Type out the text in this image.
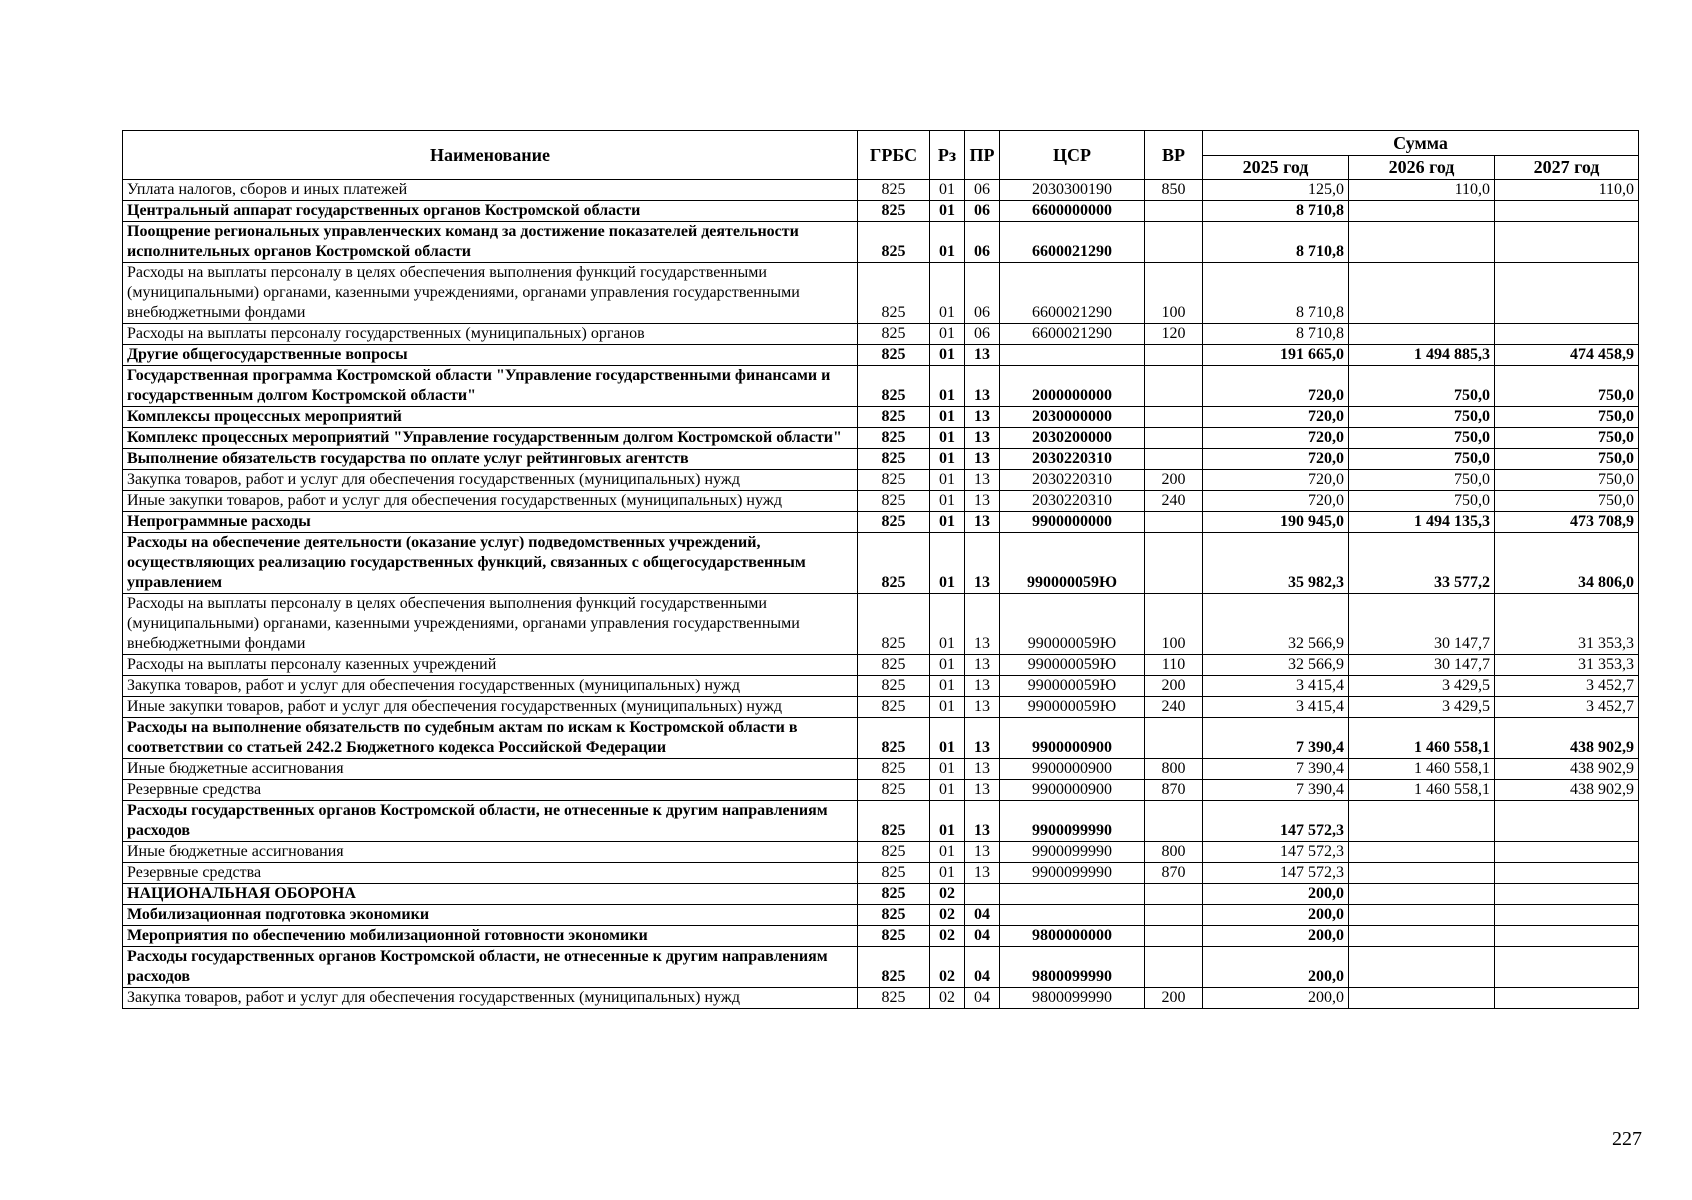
Наименование	ГРБС	Рз	ПР	ЦСР	ВР	Сумма		
						2025 год	2026 год	2027 год
Уплата налогов, сборов и иных платежей	825	01	06	2030300190	850	125,0	110,0	110,0
Центральный аппарат государственных органов Костромской области	825	01	06	6600000000		8 710,8		
Поощрение региональных управленческих команд за достижение показателей деятельности исполнительных органов Костромской области	825	01	06	6600021290		8 710,8		
Расходы на выплаты персоналу в целях обеспечения выполнения функций государственными (муниципальными) органами, казенными учреждениями, органами управления государственными внебюджетными фондами	825	01	06	6600021290	100	8 710,8		
Расходы на выплаты персоналу государственных (муниципальных) органов	825	01	06	6600021290	120	8 710,8		
Другие общегосударственные вопросы	825	01	13			191 665,0	1 494 885,3	474 458,9
Государственная программа Костромской области "Управление государственными финансами и государственным долгом Костромской области"	825	01	13	2000000000		720,0	750,0	750,0
Комплексы процессных мероприятий	825	01	13	2030000000		720,0	750,0	750,0
Комплекс процессных мероприятий "Управление государственным долгом Костромской области"	825	01	13	2030200000		720,0	750,0	750,0
Выполнение обязательств государства по оплате услуг рейтинговых агентств	825	01	13	2030220310		720,0	750,0	750,0
Закупка товаров, работ и услуг для обеспечения государственных (муниципальных) нужд	825	01	13	2030220310	200	720,0	750,0	750,0
Иные закупки товаров, работ и услуг для обеспечения государственных (муниципальных) нужд	825	01	13	2030220310	240	720,0	750,0	750,0
Непрограммные расходы	825	01	13	9900000000		190 945,0	1 494 135,3	473 708,9
Расходы на обеспечение деятельности (оказание услуг) подведомственных учреждений, осуществляющих реализацию государственных функций, связанных с общегосударственным управлением	825	01	13	990000059Ю		35 982,3	33 577,2	34 806,0
Расходы на выплаты персоналу в целях обеспечения выполнения функций государственными (муниципальными) органами, казенными учреждениями, органами управления государственными внебюджетными фондами	825	01	13	990000059Ю	100	32 566,9	30 147,7	31 353,3
Расходы на выплаты персоналу казенных учреждений	825	01	13	990000059Ю	110	32 566,9	30 147,7	31 353,3
Закупка товаров, работ и услуг для обеспечения государственных (муниципальных) нужд	825	01	13	990000059Ю	200	3 415,4	3 429,5	3 452,7
Иные закупки товаров, работ и услуг для обеспечения государственных (муниципальных) нужд	825	01	13	990000059Ю	240	3 415,4	3 429,5	3 452,7
Расходы на выполнение обязательств по судебным актам по искам к Костромской области в соответствии со статьей 242.2 Бюджетного кодекса Российской Федерации	825	01	13	9900000900		7 390,4	1 460 558,1	438 902,9
Иные бюджетные ассигнования	825	01	13	9900000900	800	7 390,4	1 460 558,1	438 902,9
Резервные средства	825	01	13	9900000900	870	7 390,4	1 460 558,1	438 902,9
Расходы государственных органов Костромской области, не отнесенные к другим направлениям расходов	825	01	13	9900099990		147 572,3		
Иные бюджетные ассигнования	825	01	13	9900099990	800	147 572,3		
Резервные средства	825	01	13	9900099990	870	147 572,3		
НАЦИОНАЛЬНАЯ ОБОРОНА	825	02				200,0		
Мобилизационная подготовка экономики	825	02	04			200,0		
Мероприятия по обеспечению мобилизационной готовности экономики	825	02	04	9800000000		200,0		
Расходы государственных органов Костромской области, не отнесенные к другим направлениям расходов	825	02	04	9800099990		200,0		
Закупка товаров, работ и услуг для обеспечения государственных (муниципальных) нужд	825	02	04	9800099990	200	200,0		
227
